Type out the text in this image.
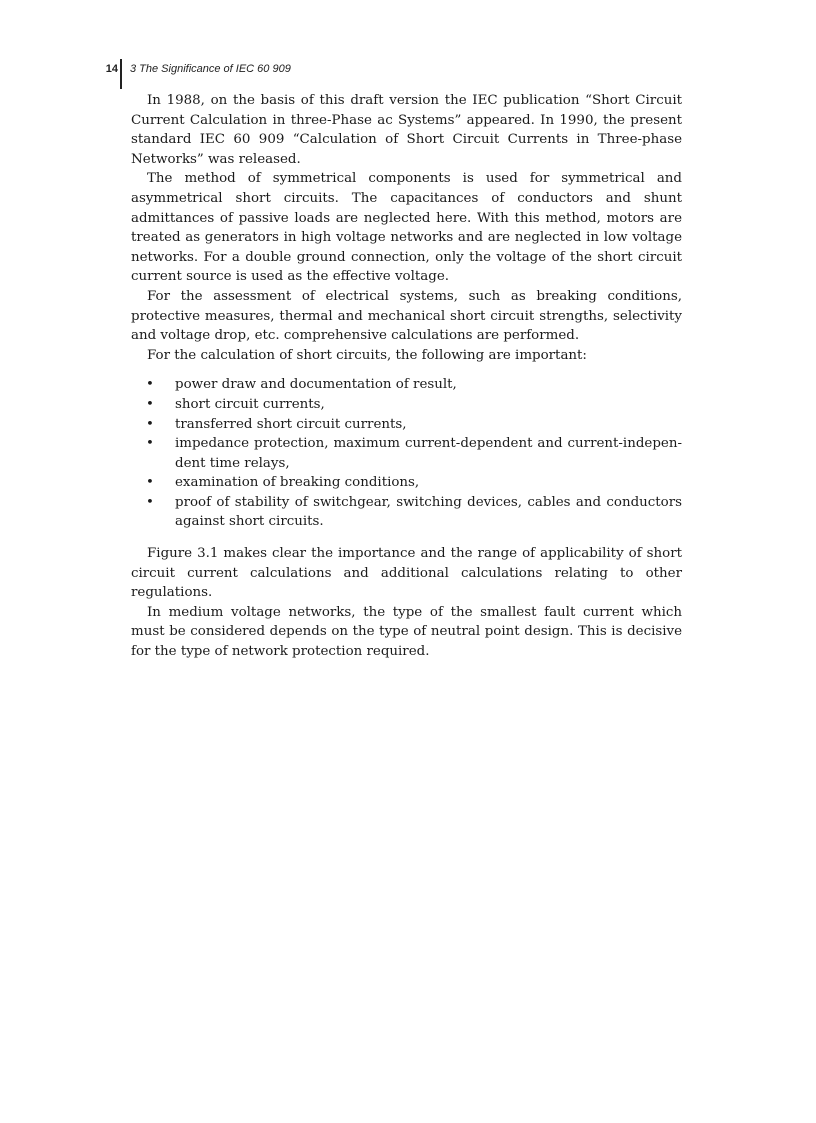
14 3 The Significance of IEC 60 909

In 1988, on the basis of this draft version the IEC publication “Short Circuit Current Calculation in three-Phase ac Systems” appeared. In 1990, the present standard IEC 60 909 “Calculation of Short Circuit Currents in Three-phase Networks” was released.

The method of symmetrical components is used for symmetrical and asymmetrical short circuits. The capacitances of conductors and shunt admittances of passive loads are neglected here. With this method, motors are treated as generators in high voltage networks and are neglected in low voltage networks. For a double ground connection, only the voltage of the short circuit current source is used as the effective voltage.

For the assessment of electrical systems, such as breaking conditions, protective measures, thermal and mechanical short circuit strengths, selectivity and voltage drop, etc. comprehensive calculations are performed.

For the calculation of short circuits, the following are important:

• power draw and documentation of result,
• short circuit currents,
• transferred short circuit currents,
• impedance protection, maximum current-dependent and current-independent time relays,
• examination of breaking conditions,
• proof of stability of switchgear, switching devices, cables and conductors against short circuits.

Figure 3.1 makes clear the importance and the range of applicability of short circuit current calculations and additional calculations relating to other regulations.

In medium voltage networks, the type of the smallest fault current which must be considered depends on the type of neutral point design. This is decisive for the type of network protection required.
